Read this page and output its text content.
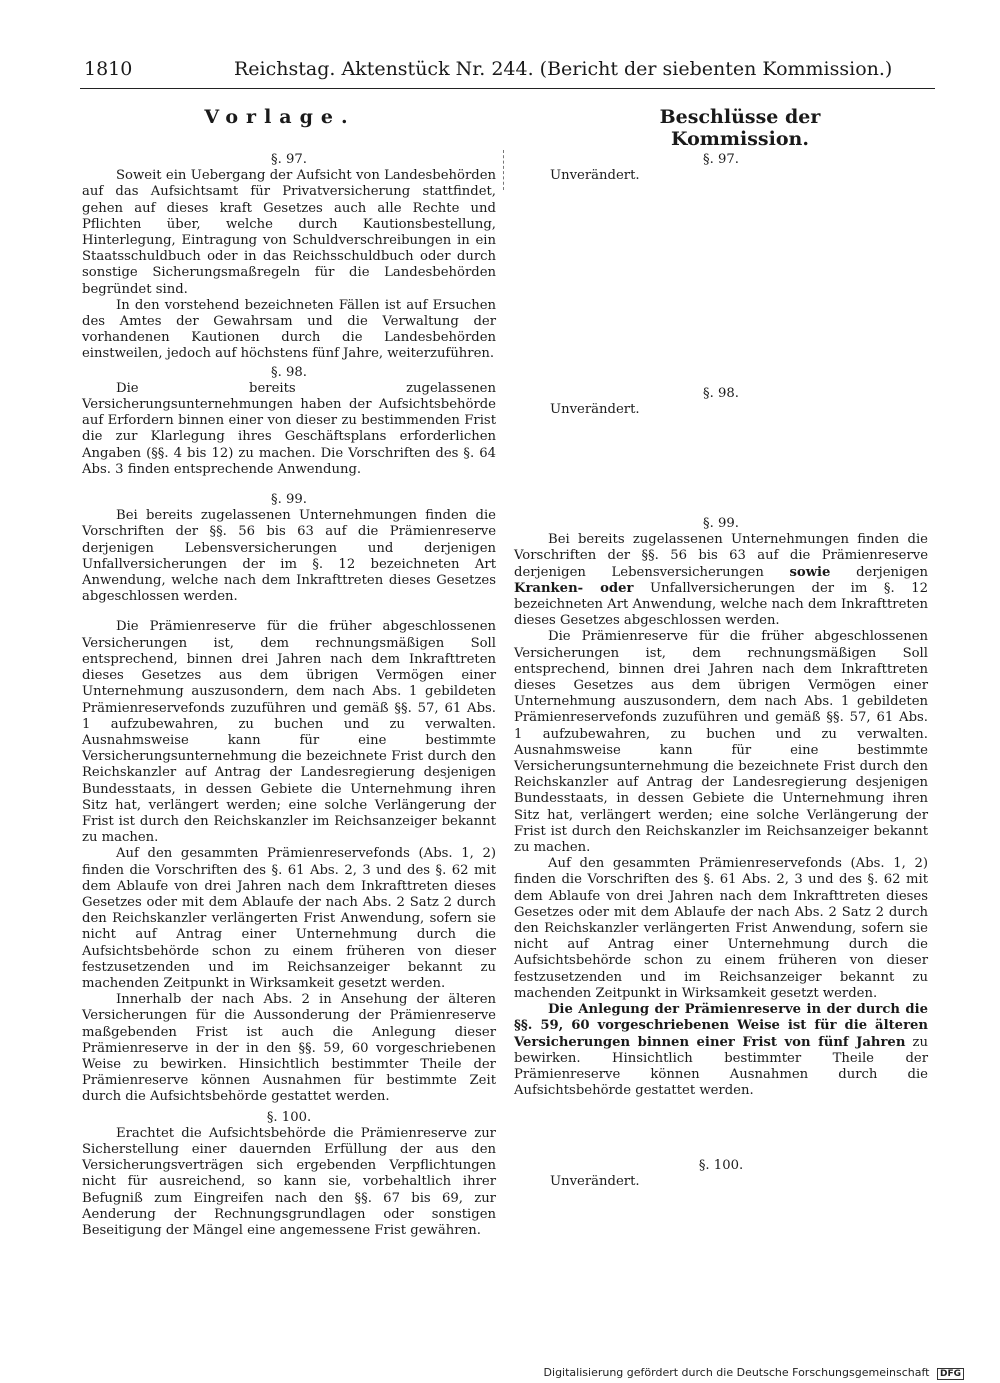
1810	Reichstag. Aktenstück Nr. 244. (Bericht der siebenten Kommission.)
Vorlage.	Beschlüsse der Kommission.
§. 97.

Soweit ein Uebergang der Aufsicht von Landesbehörden auf das Aufsichtsamt für Privatversicherung stattfindet, gehen auf dieses kraft Gesetzes auch alle Rechte und Pflichten über, welche durch Kautionsbestellung, Hinterlegung, Eintragung von Schuldverschreibungen in ein Staatsschuldbuch oder in das Reichsschuldbuch oder durch sonstige Sicherungsmaßregeln für die Landesbehörden begründet sind.

In den vorstehend bezeichneten Fällen ist auf Ersuchen des Amtes der Gewahrsam und die Verwaltung der vorhandenen Kautionen durch die Landesbehörden einstweilen, jedoch auf höchstens fünf Jahre, weiterzuführen.

§. 98.

Die bereits zugelassenen Versicherungsunternehmungen haben der Aufsichtsbehörde auf Erfordern binnen einer von dieser zu bestimmenden Frist die zur Klarlegung ihres Geschäftsplans erforderlichen Angaben (§§. 4 bis 12) zu machen. Die Vorschriften des §. 64 Abs. 3 finden entsprechende Anwendung.

§. 99.

Bei bereits zugelassenen Unternehmungen finden die Vorschriften der §§. 56 bis 63 auf die Prämienreserve derjenigen Lebensversicherungen und derjenigen Unfallversicherungen der im §. 12 bezeichneten Art Anwendung, welche nach dem Inkrafttreten dieses Gesetzes abgeschlossen werden.

Die Prämienreserve für die früher abgeschlossenen Versicherungen ist, dem rechnungsmäßigen Soll entsprechend, binnen drei Jahren nach dem Inkrafttreten dieses Gesetzes aus dem übrigen Vermögen einer Unternehmung auszusondern, dem nach Abs. 1 gebildeten Prämienreservefonds zuzuführen und gemäß §§. 57, 61 Abs. 1 aufzubewahren, zu buchen und zu verwalten. Ausnahmsweise kann für eine bestimmte Versicherungsunternehmung die bezeichnete Frist durch den Reichskanzler auf Antrag der Landesregierung desjenigen Bundesstaats, in dessen Gebiete die Unternehmung ihren Sitz hat, verlängert werden; eine solche Verlängerung der Frist ist durch den Reichskanzler im Reichsanzeiger bekannt zu machen.

Auf den gesammten Prämienreservefonds (Abs. 1, 2) finden die Vorschriften des §. 61 Abs. 2, 3 und des §. 62 mit dem Ablaufe von drei Jahren nach dem Inkrafttreten dieses Gesetzes oder mit dem Ablaufe der nach Abs. 2 Satz 2 durch den Reichskanzler verlängerten Frist Anwendung, sofern sie nicht auf Antrag einer Unternehmung durch die Aufsichtsbehörde schon zu einem früheren von dieser festzusetzenden und im Reichsanzeiger bekannt zu machenden Zeitpunkt in Wirksamkeit gesetzt werden.

Innerhalb der nach Abs. 2 in Ansehung der älteren Versicherungen für die Aussonderung der Prämienreserve maßgebenden Frist ist auch die Anlegung dieser Prämienreserve in der in den §§. 59, 60 vorgeschriebenen Weise zu bewirken. Hinsichtlich bestimmter Theile der Prämienreserve können Ausnahmen für bestimmte Zeit durch die Aufsichtsbehörde gestattet werden.

§. 100.

Erachtet die Aufsichtsbehörde die Prämienreserve zur Sicherstellung einer dauernden Erfüllung der aus den Versicherungsverträgen sich ergebenden Verpflichtungen nicht für ausreichend, so kann sie, vorbehaltlich ihrer Befugniß zum Eingreifen nach den §§. 67 bis 69, zur Aenderung der Rechnungsgrundlagen oder sonstigen Beseitigung der Mängel eine angemessene Frist gewähren.

§. 97.
Unverändert.
§. 98.
Unverändert.
§. 99.

Bei bereits zugelassenen Unternehmungen finden die Vorschriften der §§. 56 bis 63 auf die Prämienreserve derjenigen Lebensversicherungen sowie derjenigen Kranken- oder Unfallversicherungen der im §. 12 bezeichneten Art Anwendung, welche nach dem Inkrafttreten dieses Gesetzes abgeschlossen werden.

Die Prämienreserve für die früher abgeschlossenen Versicherungen ist, dem rechnungsmäßigen Soll entsprechend, binnen drei Jahren nach dem Inkrafttreten dieses Gesetzes aus dem übrigen Vermögen einer Unternehmung auszusondern, dem nach Abs. 1 gebildeten Prämienreservefonds zuzuführen und gemäß §§. 57, 61 Abs. 1 aufzubewahren, zu buchen und zu verwalten. Ausnahmsweise kann für eine bestimmte Versicherungsunternehmung die bezeichnete Frist durch den Reichskanzler auf Antrag der Landesregierung desjenigen Bundesstaats, in dessen Gebiete die Unternehmung ihren Sitz hat, verlängert werden; eine solche Verlängerung der Frist ist durch den Reichskanzler im Reichsanzeiger bekannt zu machen.

Auf den gesammten Prämienreservefonds (Abs. 1, 2) finden die Vorschriften des §. 61 Abs. 2, 3 und des §. 62 mit dem Ablaufe von drei Jahren nach dem Inkrafttreten dieses Gesetzes oder mit dem Ablaufe der nach Abs. 2 Satz 2 durch den Reichskanzler verlängerten Frist Anwendung, sofern sie nicht auf Antrag einer Unternehmung durch die Aufsichtsbehörde schon zu einem früheren von dieser festzusetzenden und im Reichsanzeiger bekannt zu machenden Zeitpunkt in Wirksamkeit gesetzt werden.

Die Anlegung der Prämienreserve in der durch die §§. 59, 60 vorgeschriebenen Weise ist für die älteren Versicherungen binnen einer Frist von fünf Jahren zu bewirken. Hinsichtlich bestimmter Theile der Prämienreserve können Ausnahmen durch die Aufsichtsbehörde gestattet werden.

§. 100.
Unverändert.
Digitalisierung gefördert durch die Deutsche Forschungsgemeinschaft DFG
